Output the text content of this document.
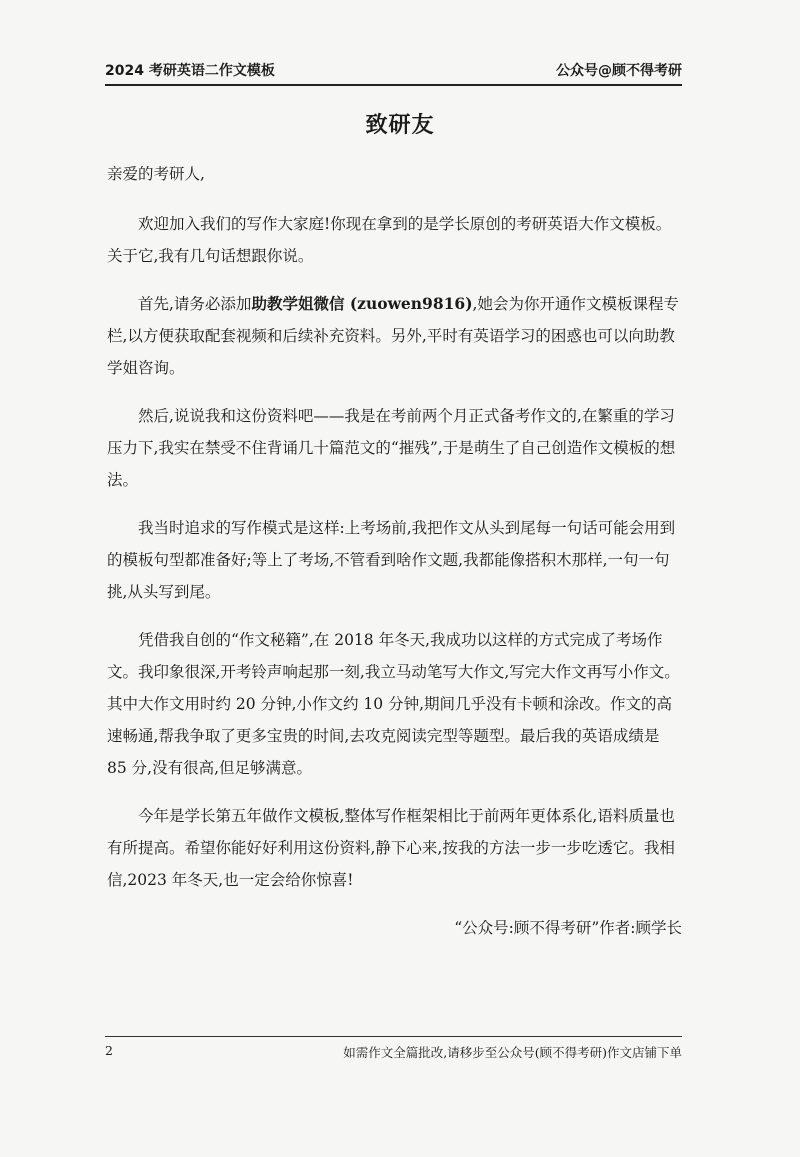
2024 考研英语二作文模板	公众号@顾不得考研
致研友

亲爱的考研人,

欢迎加入我们的写作大家庭!你现在拿到的是学长原创的考研英语大作文模板。关于它,我有几句话想跟你说。

首先,请务必添加助教学姐微信 (zuowen9816),她会为你开通作文模板课程专栏,以方便获取配套视频和后续补充资料。另外,平时有英语学习的困惑也可以向助教学姐咨询。

然后,说说我和这份资料吧——我是在考前两个月正式备考作文的,在繁重的学习压力下,我实在禁受不住背诵几十篇范文的“摧残”,于是萌生了自己创造作文模板的想法。

我当时追求的写作模式是这样:上考场前,我把作文从头到尾每一句话可能会用到的模板句型都准备好;等上了考场,不管看到啥作文题,我都能像搭积木那样,一句一句挑,从头写到尾。

凭借我自创的“作文秘籍”,在 2018 年冬天,我成功以这样的方式完成了考场作文。我印象很深,开考铃声响起那一刻,我立马动笔写大作文,写完大作文再写小作文。其中大作文用时约 20 分钟,小作文约 10 分钟,期间几乎没有卡顿和涂改。作文的高速畅通,帮我争取了更多宝贵的时间,去攻克阅读完型等题型。最后我的英语成绩是 85 分,没有很高,但足够满意。

今年是学长第五年做作文模板,整体写作框架相比于前两年更体系化,语料质量也有所提高。希望你能好好利用这份资料,静下心来,按我的方法一步一步吃透它。我相信,2023 年冬天,也一定会给你惊喜!

“公众号:顾不得考研”作者:顾学长

2	如需作文全篇批改,请移步至公众号(顾不得考研)作文店铺下单
